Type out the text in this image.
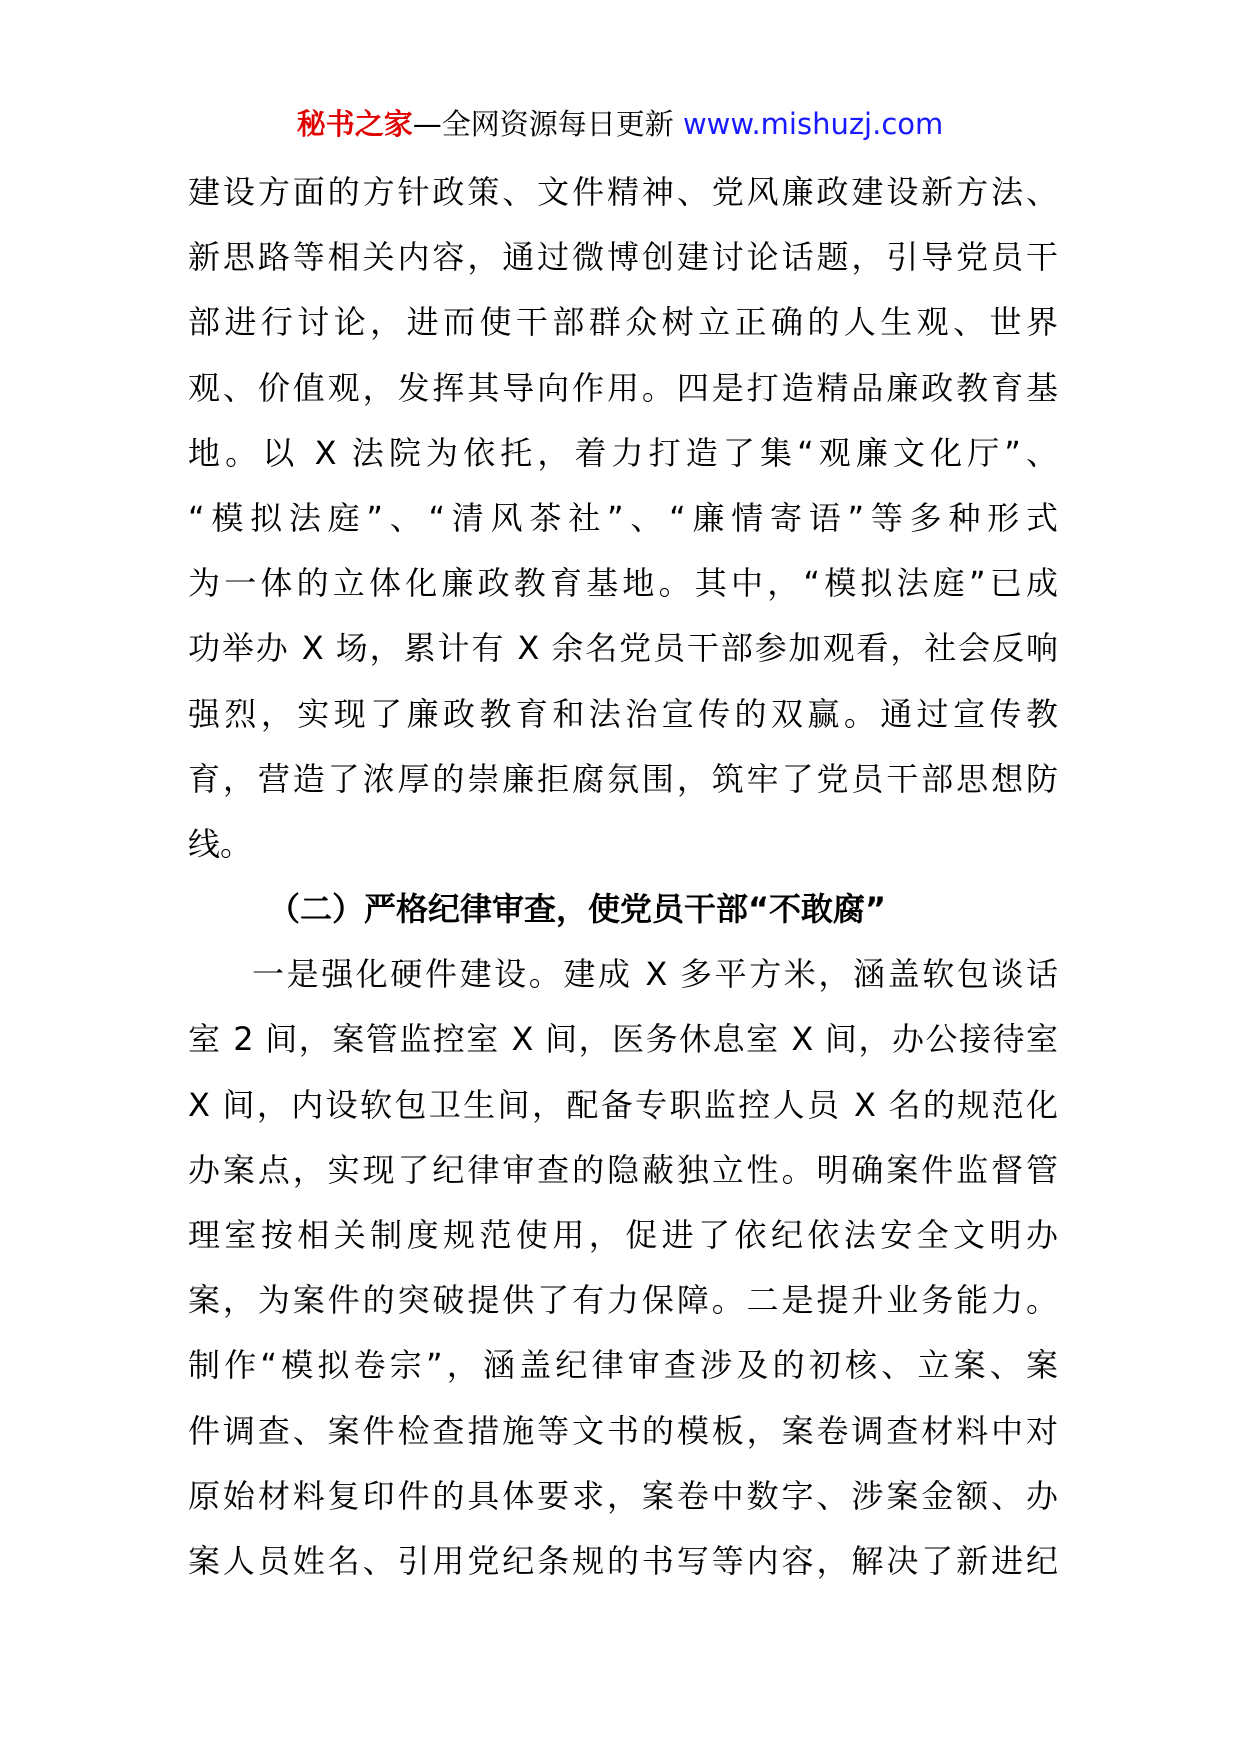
秘书之家—全网资源每日更新 www.mishuzj.com
建设方面的方针政策、文件精神、党风廉政建设新方法、
新思路等相关内容，通过微博创建讨论话题，引导党员干
部进行讨论，进而使干部群众树立正确的人生观、世界
观、价值观，发挥其导向作用。四是打造精品廉政教育基
地。以 X 法院为依托，着力打造了集“观廉文化厅”、
“模拟法庭”、“清风茶社”、“廉情寄语”等多种形式
为一体的立体化廉政教育基地。其中，“模拟法庭”已成
功举办 X 场，累计有 X 余名党员干部参加观看，社会反响
强烈，实现了廉政教育和法治宣传的双赢。通过宣传教
育，营造了浓厚的崇廉拒腐氛围，筑牢了党员干部思想防
线。
（二）严格纪律审查，使党员干部“不敢腐”
一是强化硬件建设。建成 X 多平方米，涵盖软包谈话
室 2 间，案管监控室 X 间，医务休息室 X 间，办公接待室
X 间，内设软包卫生间，配备专职监控人员 X 名的规范化
办案点，实现了纪律审查的隐蔽独立性。明确案件监督管
理室按相关制度规范使用，促进了依纪依法安全文明办
案，为案件的突破提供了有力保障。二是提升业务能力。
制作“模拟卷宗”，涵盖纪律审查涉及的初核、立案、案
件调查、案件检查措施等文书的模板，案卷调查材料中对
原始材料复印件的具体要求，案卷中数字、涉案金额、办
案人员姓名、引用党纪条规的书写等内容，解决了新进纪
